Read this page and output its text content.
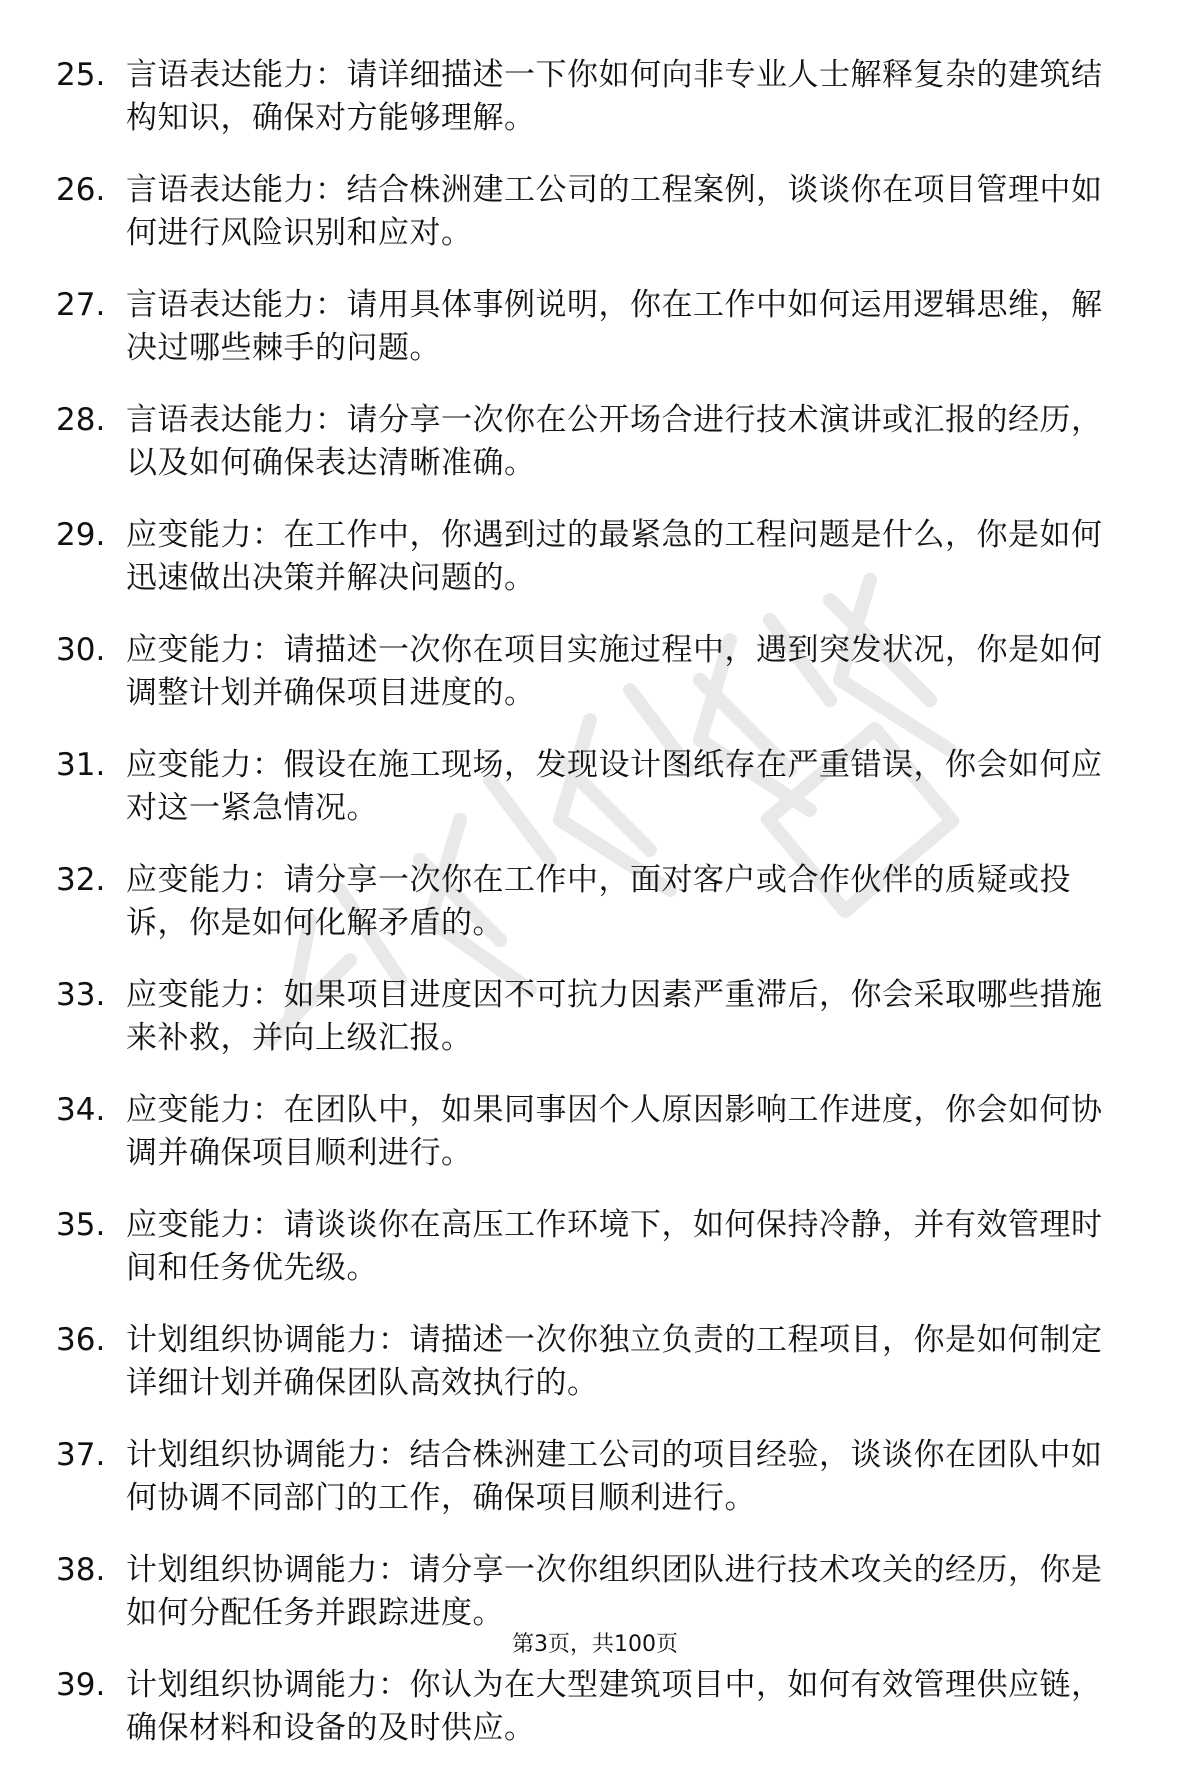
25. 言语表达能力：请详细描述一下你如何向非专业人士解释复杂的建筑结构知识，确保对方能够理解。
26. 言语表达能力：结合株洲建工公司的工程案例，谈谈你在项目管理中如何进行风险识别和应对。
27. 言语表达能力：请用具体事例说明，你在工作中如何运用逻辑思维，解决过哪些棘手的问题。
28. 言语表达能力：请分享一次你在公开场合进行技术演讲或汇报的经历，以及如何确保表达清晰准确。
29. 应变能力：在工作中，你遇到过的最紧急的工程问题是什么，你是如何迅速做出决策并解决问题的。
30. 应变能力：请描述一次你在项目实施过程中，遇到突发状况，你是如何调整计划并确保项目进度的。
31. 应变能力：假设在施工现场，发现设计图纸存在严重错误，你会如何应对这一紧急情况。
32. 应变能力：请分享一次你在工作中，面对客户或合作伙伴的质疑或投诉，你是如何化解矛盾的。
33. 应变能力：如果项目进度因不可抗力因素严重滞后，你会采取哪些措施来补救，并向上级汇报。
34. 应变能力：在团队中，如果同事因个人原因影响工作进度，你会如何协调并确保项目顺利进行。
35. 应变能力：请谈谈你在高压工作环境下，如何保持冷静，并有效管理时间和任务优先级。
36. 计划组织协调能力：请描述一次你独立负责的工程项目，你是如何制定详细计划并确保团队高效执行的。
37. 计划组织协调能力：结合株洲建工公司的项目经验，谈谈你在团队中如何协调不同部门的工作，确保项目顺利进行。
38. 计划组织协调能力：请分享一次你组织团队进行技术攻关的经历，你是如何分配任务并跟踪进度。
39. 计划组织协调能力：你认为在大型建筑项目中，如何有效管理供应链，确保材料和设备的及时供应。
第3页，共100页
